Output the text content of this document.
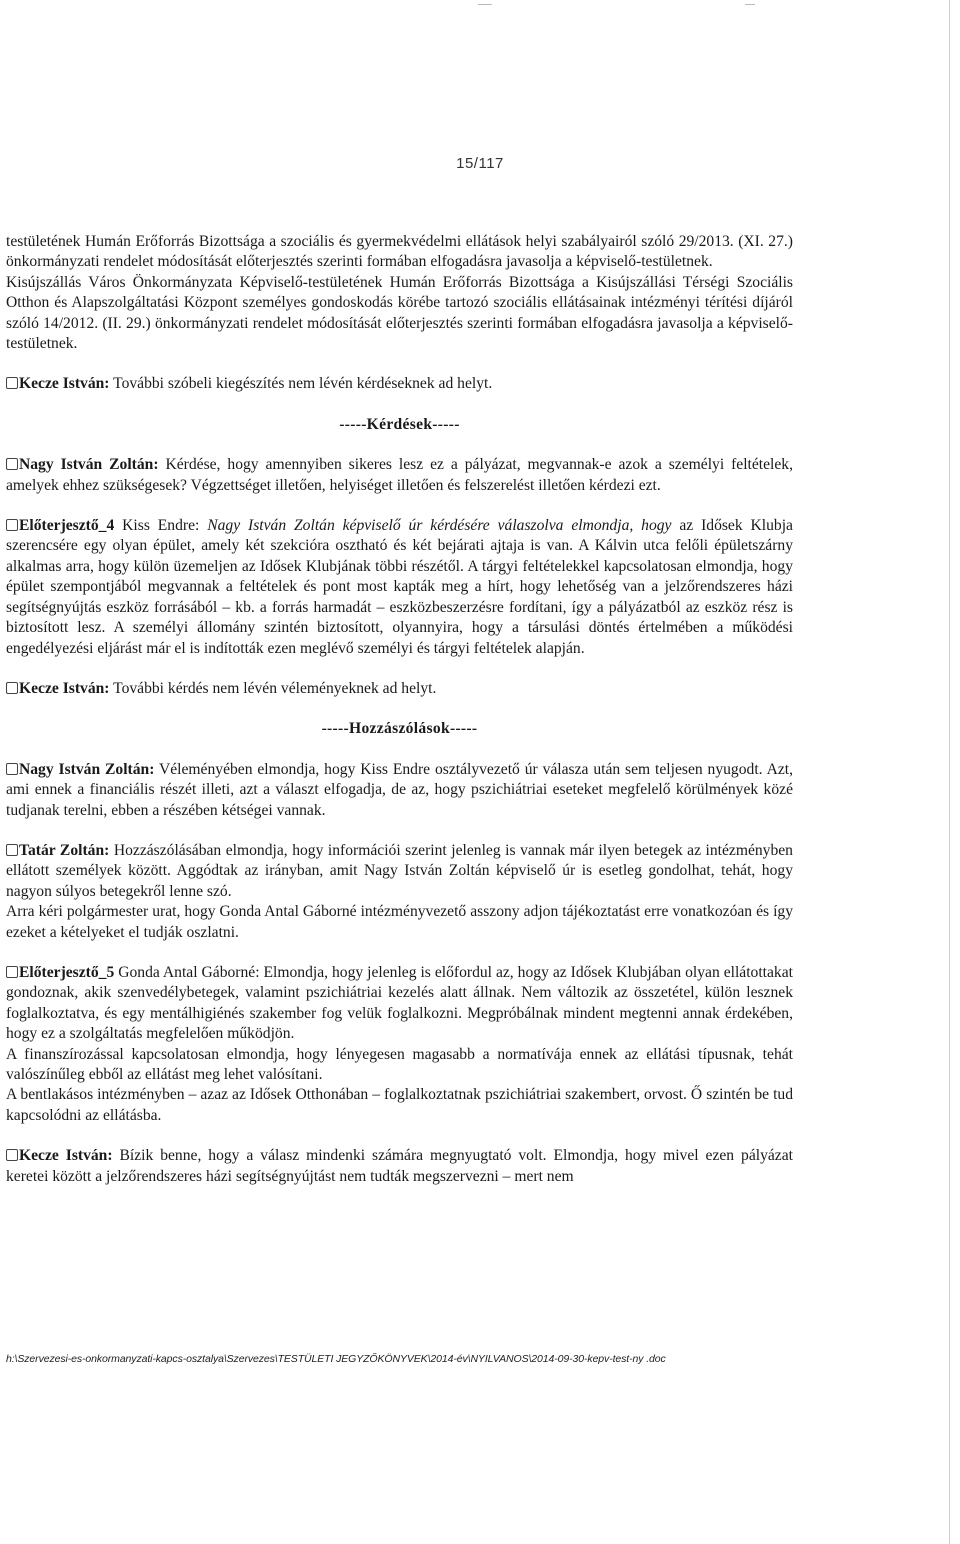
15/117

testületének Humán Erőforrás Bizottsága a szociális és gyermekvédelmi ellátások helyi szabályairól szóló 29/2013. (XI. 27.) önkormányzati rendelet módosítását előterjesztés szerinti formában elfogadásra javasolja a képviselő-testületnek.

Kisújszállás Város Önkormányzata Képviselő-testületének Humán Erőforrás Bizottsága a Kisújszállási Térségi Szociális Otthon és Alapszolgáltatási Központ személyes gondoskodás körébe tartozó szociális ellátásainak intézményi térítési díjáról szóló 14/2012. (II. 29.) önkormányzati rendelet módosítását előterjesztés szerinti formában elfogadásra javasolja a képviselő-testületnek.

Kecze István: További szóbeli kiegészítés nem lévén kérdéseknek ad helyt.

-----Kérdések-----

Nagy István Zoltán: Kérdése, hogy amennyiben sikeres lesz ez a pályázat, megvannak-e azok a személyi feltételek, amelyek ehhez szükségesek? Végzettséget illetően, helyiséget illetően és felszerelést illetően kérdezi ezt.

Előterjesztő_4 Kiss Endre: Nagy István Zoltán képviselő úr kérdésére válaszolva elmondja, hogy az Idősek Klubja szerencsére egy olyan épület, amely két szekcióra osztható és két bejárati ajtaja is van. A Kálvin utca felőli épületszárny alkalmas arra, hogy külön üzemeljen az Idősek Klubjának többi részétől. A tárgyi feltételekkel kapcsolatosan elmondja, hogy épület szempontjából megvannak a feltételek és pont most kapták meg a hírt, hogy lehetőség van a jelzőrendszeres házi segítségnyújtás eszköz forrásából – kb. a forrás harmadát – eszközbeszerzésre fordítani, így a pályázatból az eszköz rész is biztosított lesz. A személyi állomány szintén biztosított, olyannyira, hogy a társulási döntés értelmében a működési engedélyezési eljárást már el is indították ezen meglévő személyi és tárgyi feltételek alapján.

Kecze István: További kérdés nem lévén véleményeknek ad helyt.

-----Hozzászólások-----

Nagy István Zoltán: Véleményében elmondja, hogy Kiss Endre osztályvezető úr válasza után sem teljesen nyugodt. Azt, ami ennek a financiális részét illeti, azt a választ elfogadja, de az, hogy pszichiátriai eseteket megfelelő körülmények közé tudjanak terelni, ebben a részében kétségei vannak.

Tatár Zoltán: Hozzászólásában elmondja, hogy információi szerint jelenleg is vannak már ilyen betegek az intézményben ellátott személyek között. Aggódtak az irányban, amit Nagy István Zoltán képviselő úr is esetleg gondolhat, tehát, hogy nagyon súlyos betegekről lenne szó.

Arra kéri polgármester urat, hogy Gonda Antal Gáborné intézményvezető asszony adjon tájékoztatást erre vonatkozóan és így ezeket a kételyeket el tudják oszlatni.

Előterjesztő_5 Gonda Antal Gáborné: Elmondja, hogy jelenleg is előfordul az, hogy az Idősek Klubjában olyan ellátottakat gondoznak, akik szenvedélybetegek, valamint pszichiátriai kezelés alatt állnak. Nem változik az összetétel, külön lesznek foglalkoztatva, és egy mentálhigiénés szakember fog velük foglalkozni. Megpróbálnak mindent megtenni annak érdekében, hogy ez a szolgáltatás megfelelően működjön.

A finanszírozással kapcsolatosan elmondja, hogy lényegesen magasabb a normatívája ennek az ellátási típusnak, tehát valószínűleg ebből az ellátást meg lehet valósítani.

A bentlakásos intézményben – azaz az Idősek Otthonában – foglalkoztatnak pszichiátriai szakembert, orvost. Ő szintén be tud kapcsolódni az ellátásba.

Kecze István: Bízik benne, hogy a válasz mindenki számára megnyugtató volt. Elmondja, hogy mivel ezen pályázat keretei között a jelzőrendszeres házi segítségnyújtást nem tudták megszervezni – mert nem

h:\Szervezesi-es-onkormanyzati-kapcs-osztalya\Szervezes\TESTÜLETI JEGYZŐKÖNYVEK\2014-év\NYILVANOS\2014-09-30-kepv-test-ny .doc
